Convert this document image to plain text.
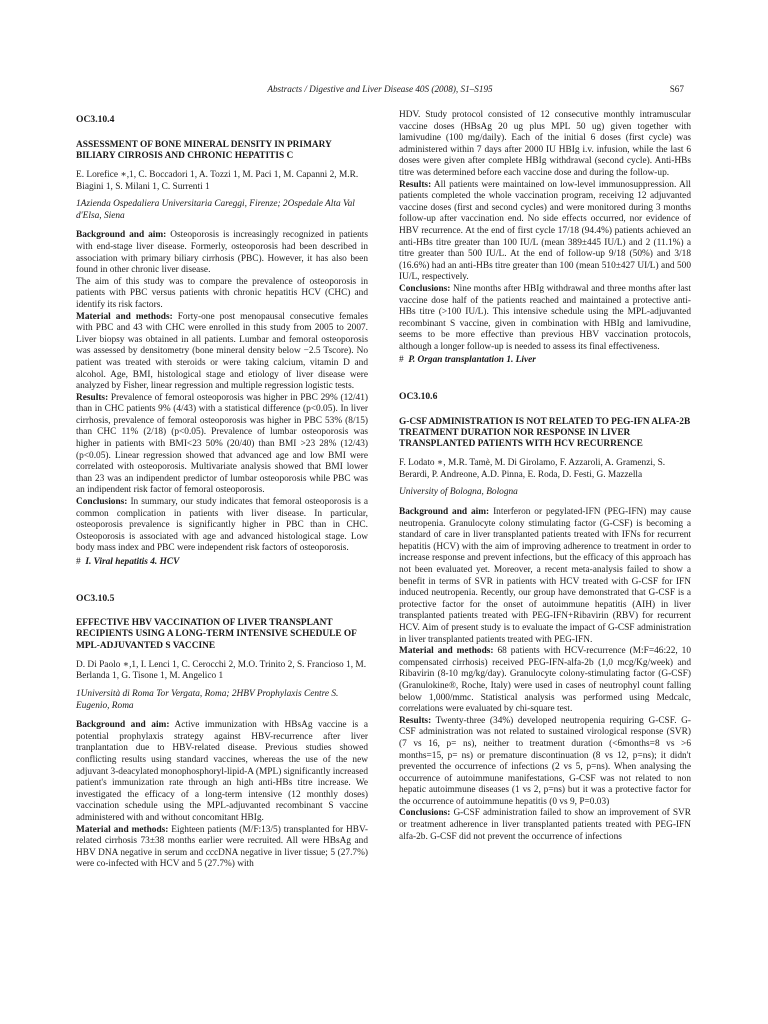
Abstracts / Digestive and Liver Disease 40S (2008), S1–S195	S67

OC3.10.4

ASSESSMENT OF BONE MINERAL DENSITY IN PRIMARY BILIARY CIRROSIS AND CHRONIC HEPATITIS C

E. Lorefice ∗,1, C. Boccadori 1, A. Tozzi 1, M. Paci 1, M. Capanni 2, M.R. Biagini 1, S. Milani 1, C. Surrenti 1

1Azienda Ospedaliera Universitaria Careggi, Firenze; 2Ospedale Alta Val d'Elsa, Siena

Background and aim: Osteoporosis is increasingly recognized in patients with end-stage liver disease. Formerly, osteoporosis had been described in association with primary biliary cirrhosis (PBC). However, it has also been found in other chronic liver disease.

The aim of this study was to compare the prevalence of osteoporosis in patients with PBC versus patients with chronic hepatitis HCV (CHC) and identify its risk factors.

Material and methods: Forty-one post menopausal consecutive females with PBC and 43 with CHC were enrolled in this study from 2005 to 2007. Liver biopsy was obtained in all patients. Lumbar and femoral osteoporosis was assessed by densitometry (bone mineral density below −2.5 Tscore). No patient was treated with steroids or were taking calcium, vitamin D and alcohol. Age, BMI, histological stage and etiology of liver disease were analyzed by Fisher, linear regression and multiple regression logistic tests.

Results: Prevalence of femoral osteoporosis was higher in PBC 29% (12/41) than in CHC patients 9% (4/43) with a statistical difference (p<0.05). In liver cirrhosis, prevalence of femoral osteoporosis was higher in PBC 53% (8/15) than CHC 11% (2/18) (p<0.05). Prevalence of lumbar osteoporosis was higher in patients with BMI<23 50% (20/40) than BMI >23 28% (12/43) (p<0.05). Linear regression showed that advanced age and low BMI were correlated with osteoporosis. Multivariate analysis showed that BMI lower than 23 was an indipendent predictor of lumbar osteoporosis while PBC was an indipendent risk factor of femoral osteoporosis.

Conclusions: In summary, our study indicates that femoral osteoporosis is a common complication in patients with liver disease. In particular, osteoporosis prevalence is significantly higher in PBC than in CHC. Osteoporosis is associated with age and advanced histological stage. Low body mass index and PBC were independent risk factors of osteoporosis.

# I. Viral hepatitis 4. HCV

OC3.10.5

EFFECTIVE HBV VACCINATION OF LIVER TRANSPLANT RECIPIENTS USING A LONG-TERM INTENSIVE SCHEDULE OF MPL-ADJUVANTED S VACCINE

D. Di Paolo ∗,1, I. Lenci 1, C. Cerocchi 2, M.O. Trinito 2, S. Francioso 1, M. Berlanda 1, G. Tisone 1, M. Angelico 1

1Università di Roma Tor Vergata, Roma; 2HBV Prophylaxis Centre S. Eugenio, Roma

Background and aim: Active immunization with HBsAg vaccine is a potential prophylaxis strategy against HBV-recurrence after liver tranplantation due to HBV-related disease. Previous studies showed conflicting results using standard vaccines, whereas the use of the new adjuvant 3-deacylated monophosphoryl-lipid-A (MPL) significantly increased patient's immunization rate through an high anti-HBs titre increase. We investigated the efficacy of a long-term intensive (12 monthly doses) vaccination schedule using the MPL-adjuvanted recombinant S vaccine administered with and without concomitant HBIg.

Material and methods: Eighteen patients (M/F:13/5) transplanted for HBV-related cirrhosis 73±38 months earlier were recruited. All were HBsAg and HBV DNA negative in serum and cccDNA negative in liver tissue; 5 (27.7%) were co-infected with HCV and 5 (27.7%) with

HDV. Study protocol consisted of 12 consecutive monthly intramuscular vaccine doses (HBsAg 20 ug plus MPL 50 ug) given together with lamivudine (100 mg/daily). Each of the initial 6 doses (first cycle) was administered within 7 days after 2000 IU HBIg i.v. infusion, while the last 6 doses were given after complete HBIg withdrawal (second cycle). Anti-HBs titre was determined before each vaccine dose and during the follow-up.

Results: All patients were maintained on low-level immunosuppression. All patients completed the whole vaccination program, receiving 12 adjuvanted vaccine doses (first and second cycles) and were monitored during 3 months follow-up after vaccination end. No side effects occurred, nor evidence of HBV recurrence. At the end of first cycle 17/18 (94.4%) patients achieved an anti-HBs titre greater than 100 IU/L (mean 389±445 IU/L) and 2 (11.1%) a titre greater than 500 IU/L. At the end of follow-up 9/18 (50%) and 3/18 (16.6%) had an anti-HBs titre greater than 100 (mean 510±427 UI/L) and 500 IU/L, respectively.

Conclusions: Nine months after HBIg withdrawal and three months after last vaccine dose half of the patients reached and maintained a protective anti-HBs titre (>100 IU/L). This intensive schedule using the MPL-adjuvanted recombinant S vaccine, given in combination with HBIg and lamivudine, seems to be more effective than previous HBV vaccination protocols, although a longer follow-up is needed to assess its final effectiveness.

# P. Organ transplantation 1. Liver

OC3.10.6

G-CSF ADMINISTRATION IS NOT RELATED TO PEG-IFN ALFA-2B TREATMENT DURATION NOR RESPONSE IN LIVER TRANSPLANTED PATIENTS WITH HCV RECURRENCE

F. Lodato ∗, M.R. Tamè, M. Di Girolamo, F. Azzaroli, A. Gramenzi, S. Berardi, P. Andreone, A.D. Pinna, E. Roda, D. Festi, G. Mazzella

University of Bologna, Bologna

Background and aim: Interferon or pegylated-IFN (PEG-IFN) may cause neutropenia. Granulocyte colony stimulating factor (G-CSF) is becoming a standard of care in liver transplanted patients treated with IFNs for recurrent hepatitis (HCV) with the aim of improving adherence to treatment in order to increase response and prevent infections, but the efficacy of this approach has not been evaluated yet. Moreover, a recent meta-analysis failed to show a benefit in terms of SVR in patients with HCV treated with G-CSF for IFN induced neutropenia. Recently, our group have demonstrated that G-CSF is a protective factor for the onset of autoimmune hepatitis (AIH) in liver transplanted patients treated with PEG-IFN+Ribavirin (RBV) for recurrent HCV. Aim of present study is to evaluate the impact of G-CSF administration in liver transplanted patients treated with PEG-IFN.

Material and methods: 68 patients with HCV-recurrence (M:F=46:22, 10 compensated cirrhosis) received PEG-IFN-alfa-2b (1,0 mcg/Kg/week) and Ribavirin (8-10 mg/kg/day). Granulocyte colony-stimulating factor (G-CSF) (Granulokine®, Roche, Italy) were used in cases of neutrophyl count falling below 1,000/mmc. Statistical analysis was performed using Medcalc, correlations were evaluated by chi-square test.

Results: Twenty-three (34%) developed neutropenia requiring G-CSF. G-CSF administration was not related to sustained virological response (SVR) (7 vs 16, p= ns), neither to treatment duration (<6months=8 vs >6 months=15, p= ns) or premature discontinuation (8 vs 12, p=ns); it didn't prevented the occurrence of infections (2 vs 5, p=ns). When analysing the occurrence of autoimmune manifestations, G-CSF was not related to non hepatic autoimmune diseases (1 vs 2, p=ns) but it was a protective factor for the occurrence of autoimmune hepatitis (0 vs 9, P=0.03)

Conclusions: G-CSF administration failed to show an improvement of SVR or treatment adherence in liver transplanted patients treated with PEG-IFN alfa-2b. G-CSF did not prevent the occurrence of infections
